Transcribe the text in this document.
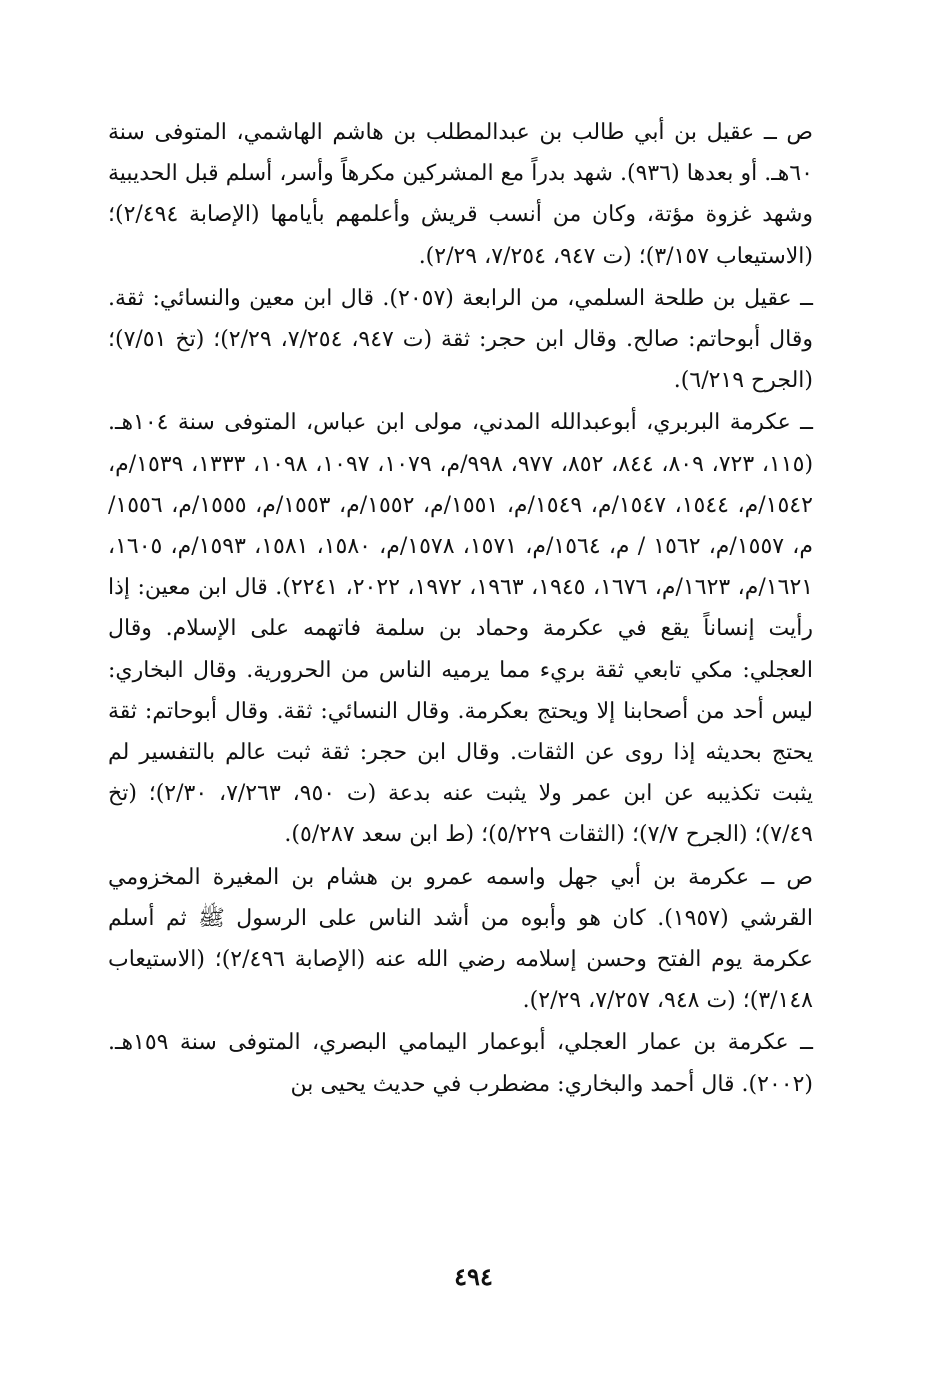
ص ــ عقيل بن أبي طالب بن عبدالمطلب بن هاشم الهاشمي، المتوفى سنة ٦٠هـ. أو بعدها (٩٣٦). شهد بدراً مع المشركين مكرهاً وأسر، أسلم قبل الحديبية وشهد غزوة مؤتة، وكان من أنسب قريش وأعلمهم بأيامها (الإصابة ٢/٤٩٤)؛ (الاستيعاب ٣/١٥٧)؛ (ت ٩٤٧، ٧/٢٥٤، ٢/٢٩).

ــ عقيل بن طلحة السلمي، من الرابعة (٢٠٥٧). قال ابن معين والنسائي: ثقة. وقال أبوحاتم: صالح. وقال ابن حجر: ثقة (ت ٩٤٧، ٧/٢٥٤، ٢/٢٩)؛ (تخ ٧/٥١)؛ (الجرح ٦/٢١٩).

ــ عكرمة البربري، أبوعبدالله المدني، مولى ابن عباس، المتوفى سنة ١٠٤هـ. (١١٥، ٧٢٣، ٨٠٩، ٨٤٤، ٨٥٢، ٩٧٧، ٩٩٨/م، ١٠٧٩، ١٠٩٧، ١٠٩٨، ١٣٣٣، ١٥٣٩/م، ١٥٤٢/م، ١٥٤٤، ١٥٤٧/م، ١٥٤٩/م، ١٥٥١/م، ١٥٥٢/م، ١٥٥٣/م، ١٥٥٥/م، ١٥٥٦/م، ١٥٥٧/م، ١٥٦٢ / م، ١٥٦٤/م، ١٥٧١، ١٥٧٨/م، ١٥٨٠، ١٥٨١، ١٥٩٣/م، ١٦٠٥، ١٦٢١/م، ١٦٢٣/م، ١٦٧٦، ١٩٤٥، ١٩٦٣، ١٩٧٢، ٢٠٢٢، ٢٢٤١). قال ابن معين: إذا رأيت إنساناً يقع في عكرمة وحماد بن سلمة فاتهمه على الإسلام. وقال العجلي: مكي تابعي ثقة بريء مما يرميه الناس من الحرورية. وقال البخاري: ليس أحد من أصحابنا إلا ويحتج بعكرمة. وقال النسائي: ثقة. وقال أبوحاتم: ثقة يحتج بحديثه إذا روى عن الثقات. وقال ابن حجر: ثقة ثبت عالم بالتفسير لم يثبت تكذيبه عن ابن عمر ولا يثبت عنه بدعة (ت ٩٥٠، ٧/٢٦٣، ٢/٣٠)؛ (تخ ٧/٤٩)؛ (الجرح ٧/٧)؛ (الثقات ٥/٢٢٩)؛ (ط ابن سعد ٥/٢٨٧).

ص ــ عكرمة بن أبي جهل واسمه عمرو بن هشام بن المغيرة المخزومي القرشي (١٩٥٧). كان هو وأبوه من أشد الناس على الرسول ﷺ ثم أسلم عكرمة يوم الفتح وحسن إسلامه رضي الله عنه (الإصابة ٢/٤٩٦)؛ (الاستيعاب ٣/١٤٨)؛ (ت ٩٤٨، ٧/٢٥٧، ٢/٢٩).

ــ عكرمة بن عمار العجلي، أبوعمار اليمامي البصري، المتوفى سنة ١٥٩هـ. (٢٠٠٢). قال أحمد والبخاري: مضطرب في حديث يحيى بن

٤٩٤
